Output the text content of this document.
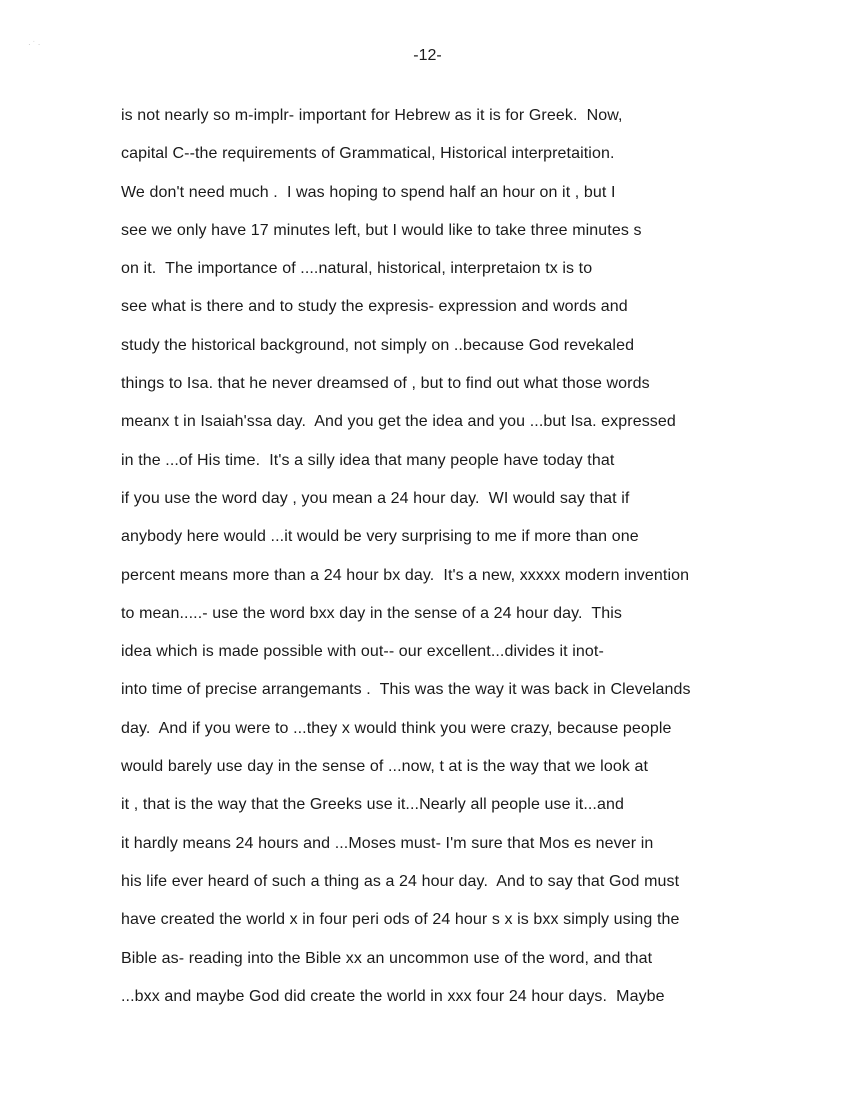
· ˙ ·
-12-
is not nearly so m-implr- important for Hebrew as it is for Greek.  Now,
capital C--the requirements of Grammatical, Historical interpretaition.
We don't need much .  I was hoping to spend half an hour on it , but I
see we only have 17 minutes left, but I would like to take three minutes s
on it.  The importance of ....natural, historical, interpretaion tx is to
see what is there and to study the expresis- expression and words and
study the historical background, not simply on ..because God revekaled
things to Isa. that he never dreamsed of , but to find out what those words
meanx t in Isaiah'ssa day.  And you get the idea and you ...but Isa. expressed
in the ...of His time.  It's a silly idea that many people have today that
if you use the word day , you mean a 24 hour day.  WI would say that if
anybody here would ...it would be very surprising to me if more than one
percent means more than a 24 hour bx day.  It's a new, xxxxx modern invention
to mean.....- use the word bxx day in the sense of a 24 hour day.  This
idea which is made possible with out-- our excellent...divides it inot-
into time of precise arrangemants .  This was the way it was back in Clevelands
day.  And if you were to ...they x would think you were crazy, because people
would barely use day in the sense of ...now, t at is the way that we look at
it , that is the way that the Greeks use it...Nearly all people use it...and
it hardly means 24 hours and ...Moses must- I'm sure that Mos es never in
his life ever heard of such a thing as a 24 hour day.  And to say that God must
have created the world x in four peri ods of 24 hour s x is bxx simply using the
Bible as- reading into the Bible xx an uncommon use of the word, and that
...bxx and maybe God did create the world in xxx four 24 hour days.  Maybe
